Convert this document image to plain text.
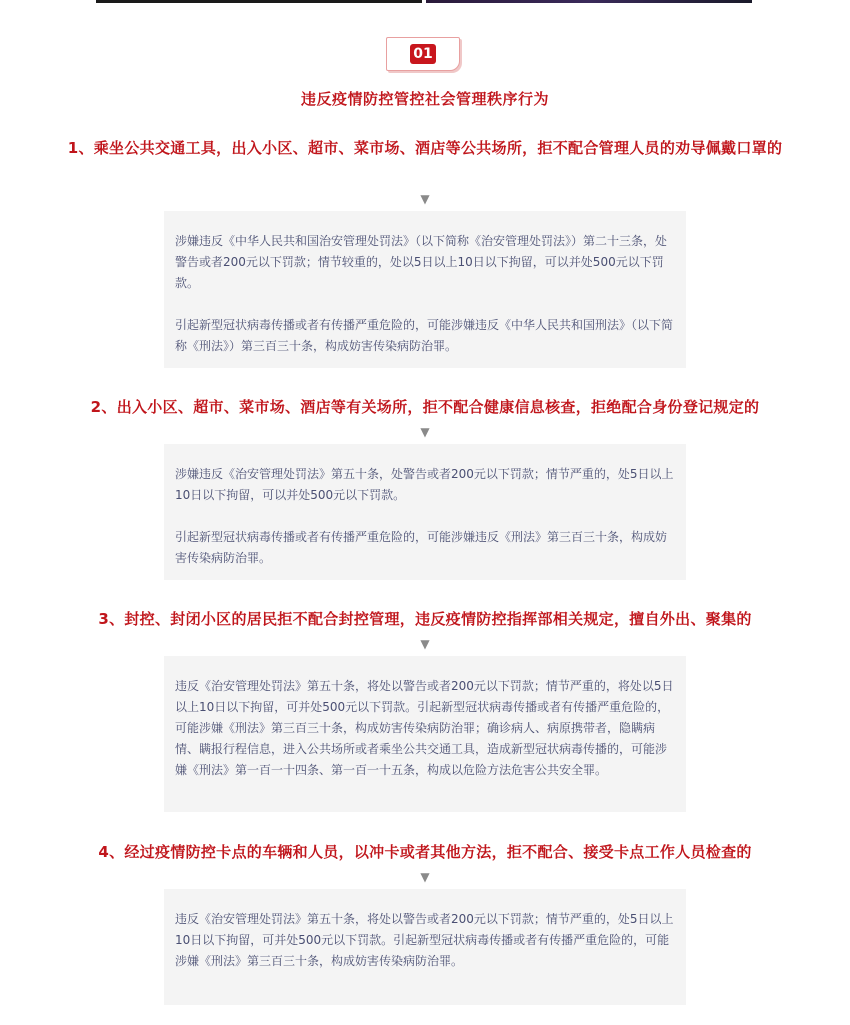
01
违反疫情防控管控社会管理秩序行为
1、乘坐公共交通工具，出入小区、超市、菜市场、酒店等公共场所，拒不配合管理人员的劝导佩戴口罩的
▼

涉嫌违反《中华人民共和国治安管理处罚法》（以下简称《治安管理处罚法》）第二十三条，处警告或者200元以下罚款；情节较重的，处以5日以上10日以下拘留，可以并处500元以下罚款。

引起新型冠状病毒传播或者有传播严重危险的，可能涉嫌违反《中华人民共和国刑法》（以下简称《刑法》）第三百三十条，构成妨害传染病防治罪。

2、出入小区、超市、菜市场、酒店等有关场所，拒不配合健康信息核查，拒绝配合身份登记规定的
▼

涉嫌违反《治安管理处罚法》第五十条，处警告或者200元以下罚款；情节严重的，处5日以上10日以下拘留，可以并处500元以下罚款。

引起新型冠状病毒传播或者有传播严重危险的，可能涉嫌违反《刑法》第三百三十条，构成妨害传染病防治罪。

3、封控、封闭小区的居民拒不配合封控管理，违反疫情防控指挥部相关规定，擅自外出、聚集的
▼

违反《治安管理处罚法》第五十条，将处以警告或者200元以下罚款；情节严重的，将处以5日以上10日以下拘留，可并处500元以下罚款。引起新型冠状病毒传播或者有传播严重危险的，可能涉嫌《刑法》第三百三十条，构成妨害传染病防治罪；确诊病人、病原携带者，隐瞒病情、瞒报行程信息，进入公共场所或者乘坐公共交通工具，造成新型冠状病毒传播的，可能涉嫌《刑法》第一百一十四条、第一百一十五条，构成以危险方法危害公共安全罪。

4、经过疫情防控卡点的车辆和人员，以冲卡或者其他方法，拒不配合、接受卡点工作人员检查的
▼

违反《治安管理处罚法》第五十条，将处以警告或者200元以下罚款；情节严重的，处5日以上10日以下拘留，可并处500元以下罚款。引起新型冠状病毒传播或者有传播严重危险的，可能涉嫌《刑法》第三百三十条，构成妨害传染病防治罪。
